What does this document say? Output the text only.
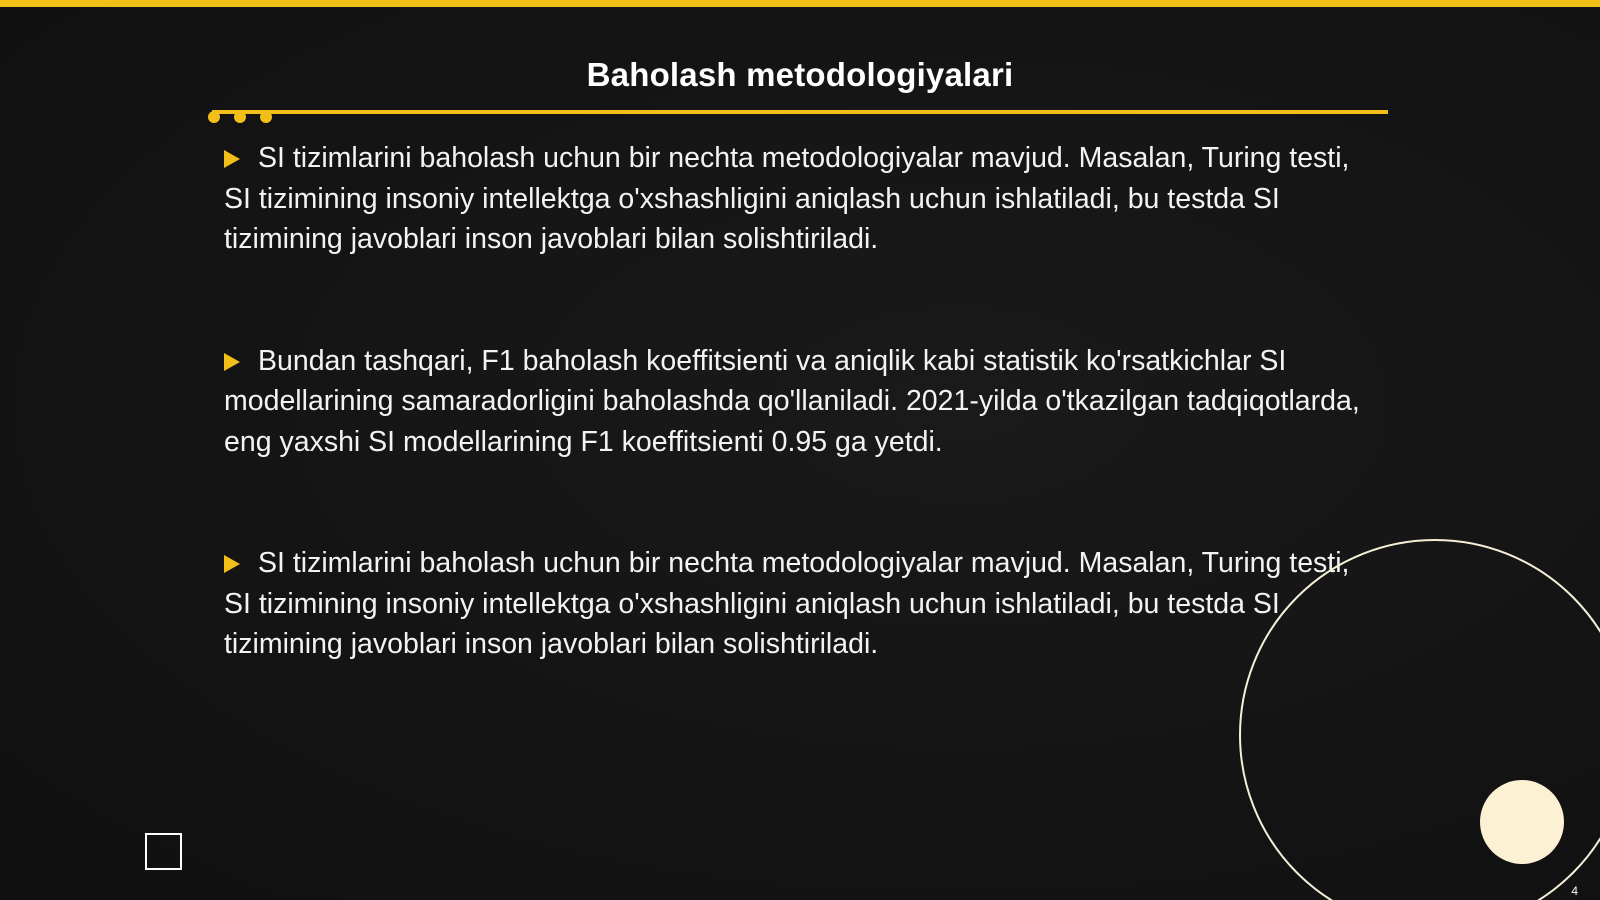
Baholash metodologiyalari

SI tizimlarini baholash uchun bir nechta metodologiyalar mavjud. Masalan, Turing testi, SI tizimining insoniy intellektga o'xshashligini aniqlash uchun ishlatiladi, bu testda SI tizimining javoblari inson javoblari bilan solishtiriladi.

Bundan tashqari, F1 baholash koeffitsienti va aniqlik kabi statistik ko'rsatkichlar SI modellarining samaradorligini baholashda qo'llaniladi. 2021-yilda o'tkazilgan tadqiqotlarda, eng yaxshi SI modellarining F1 koeffitsienti 0.95 ga yetdi.

SI tizimlarini baholash uchun bir nechta metodologiyalar mavjud. Masalan, Turing testi, SI tizimining insoniy intellektga o'xshashligini aniqlash uchun ishlatiladi, bu testda SI tizimining javoblari inson javoblari bilan solishtiriladi.

4
